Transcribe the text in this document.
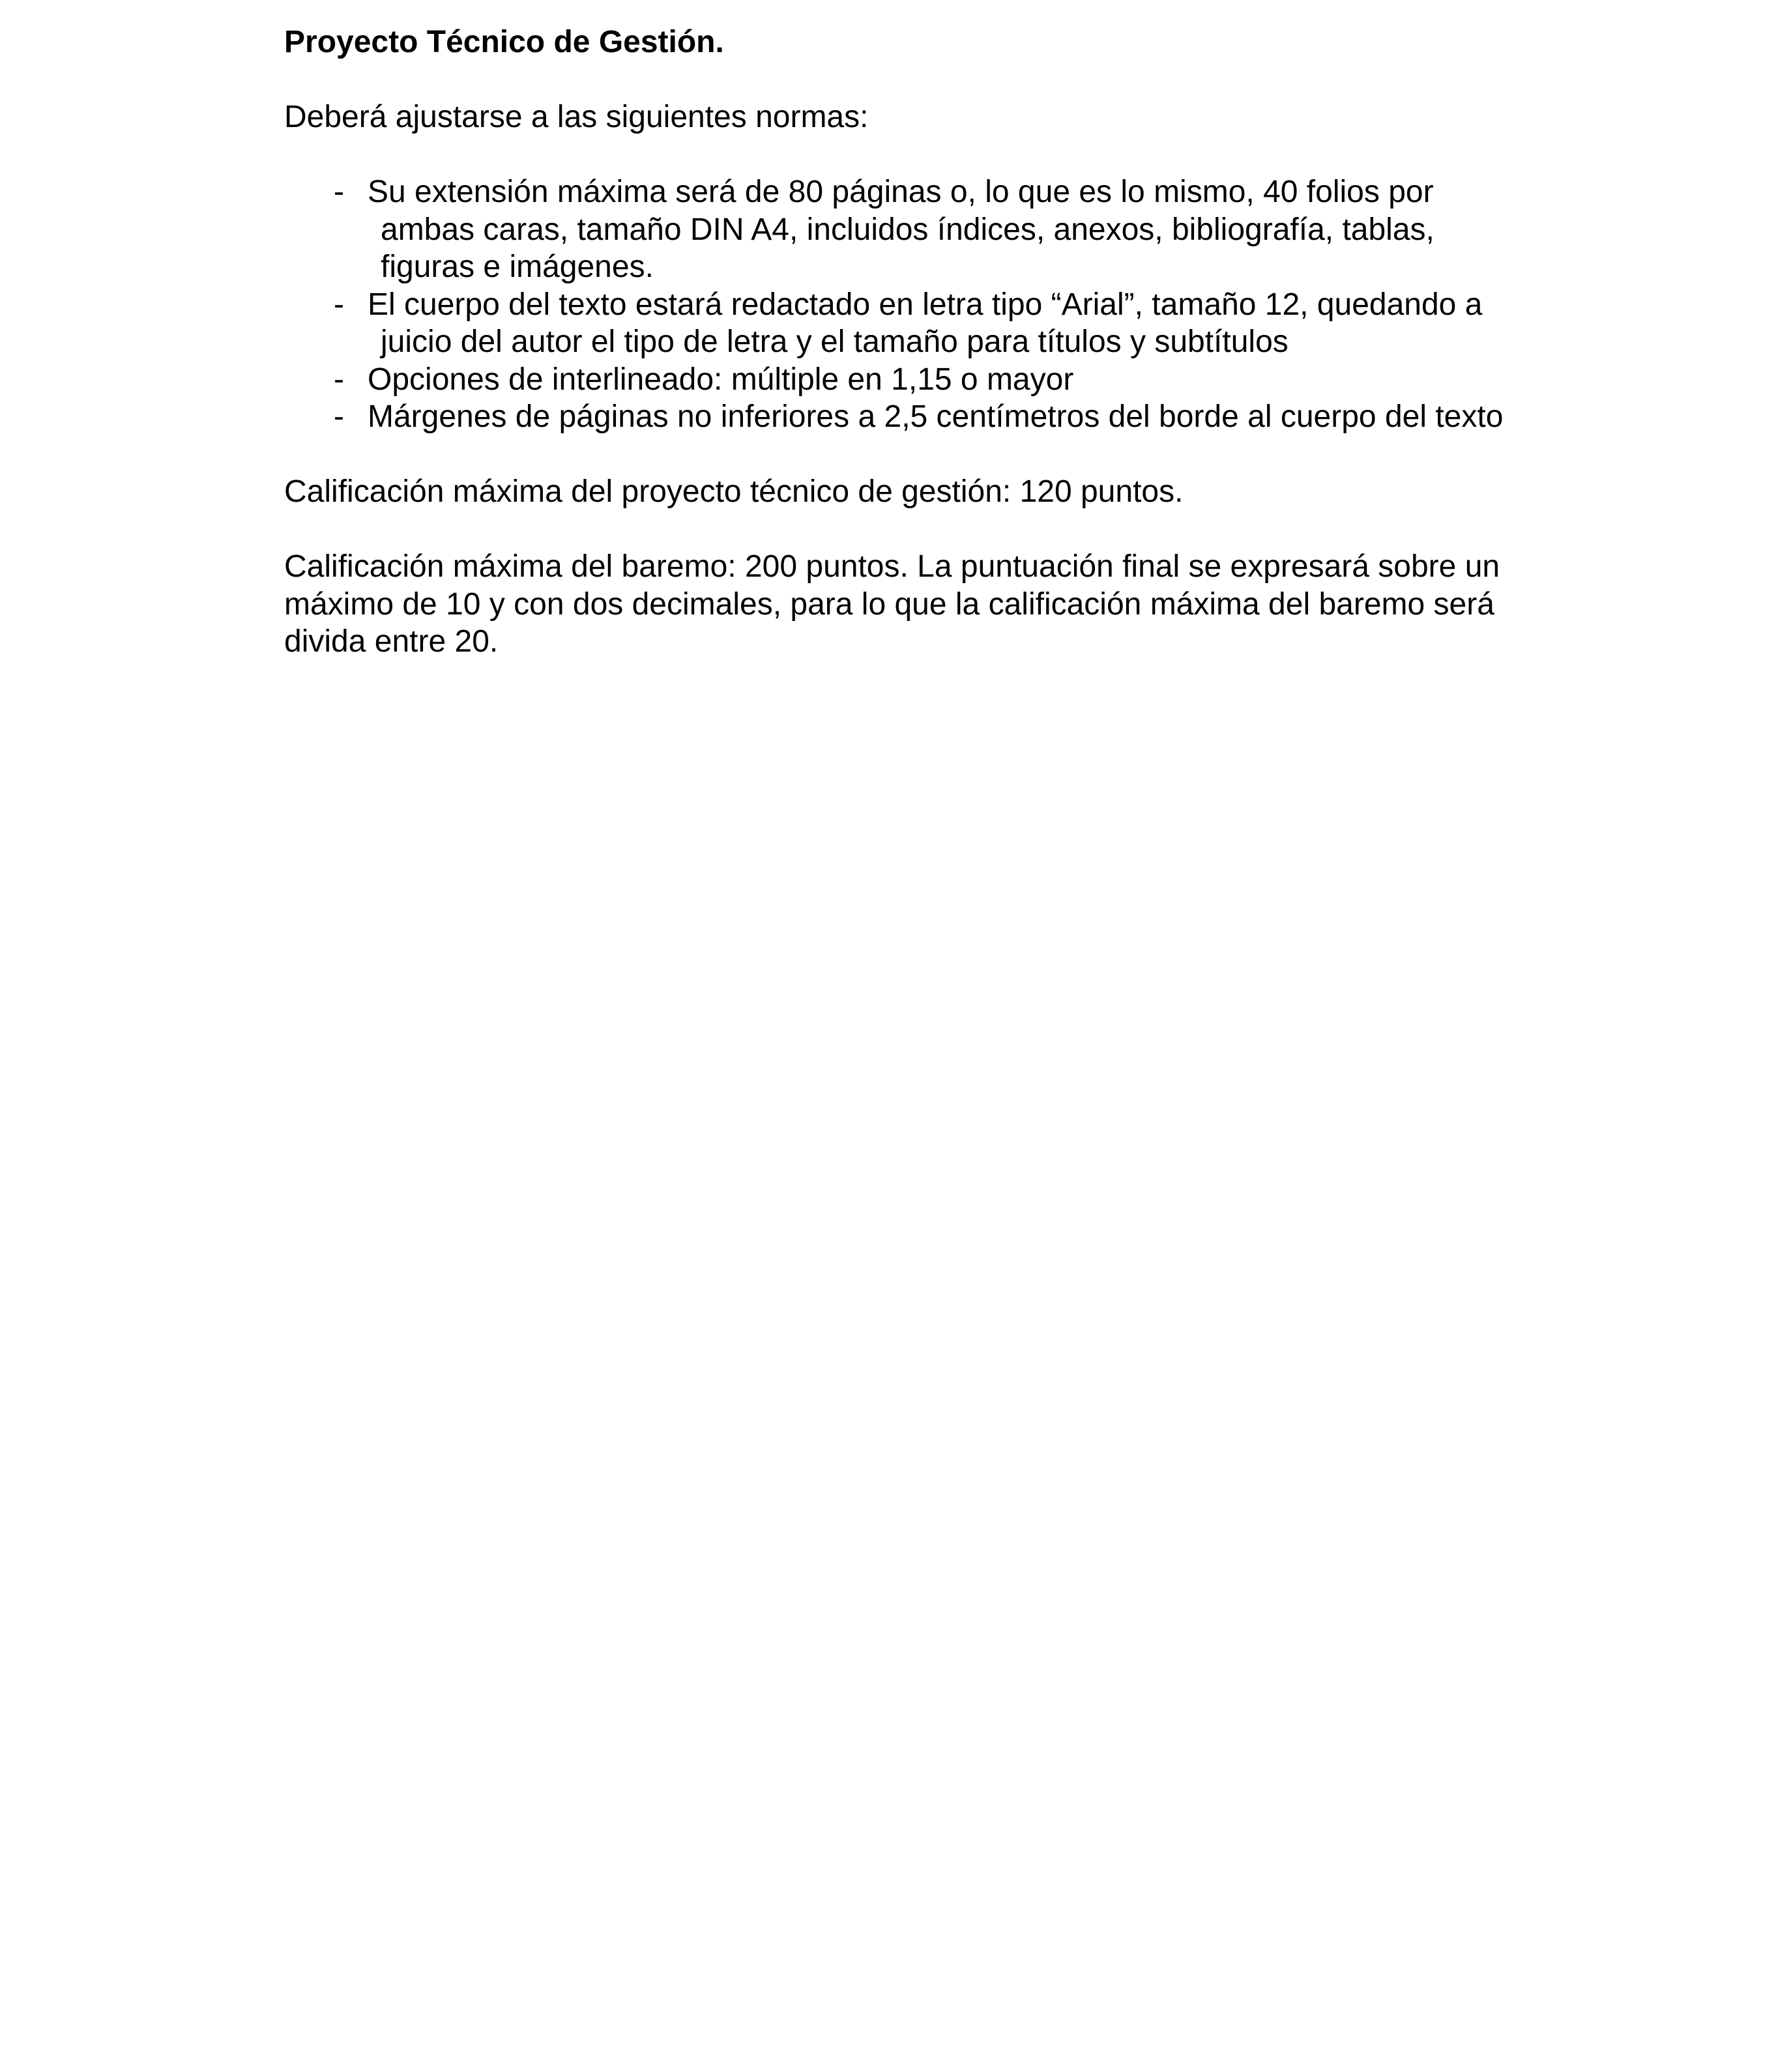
Proyecto Técnico de Gestión.

Deberá ajustarse a las siguientes normas:

- Su extensión máxima será de 80 páginas o, lo que es lo mismo, 40 folios por ambas caras, tamaño DIN A4, incluidos índices, anexos, bibliografía, tablas, figuras e imágenes.
- El cuerpo del texto estará redactado en letra tipo “Arial”, tamaño 12, quedando a juicio del autor el tipo de letra y el tamaño para títulos y subtítulos
- Opciones de interlineado: múltiple en 1,15 o mayor
- Márgenes de páginas no inferiores a 2,5 centímetros del borde al cuerpo del texto

Calificación máxima del proyecto técnico de gestión: 120 puntos.

Calificación máxima del baremo: 200 puntos. La puntuación final se expresará sobre un máximo de 10 y con dos decimales, para lo que la calificación máxima del baremo será divida entre 20.
